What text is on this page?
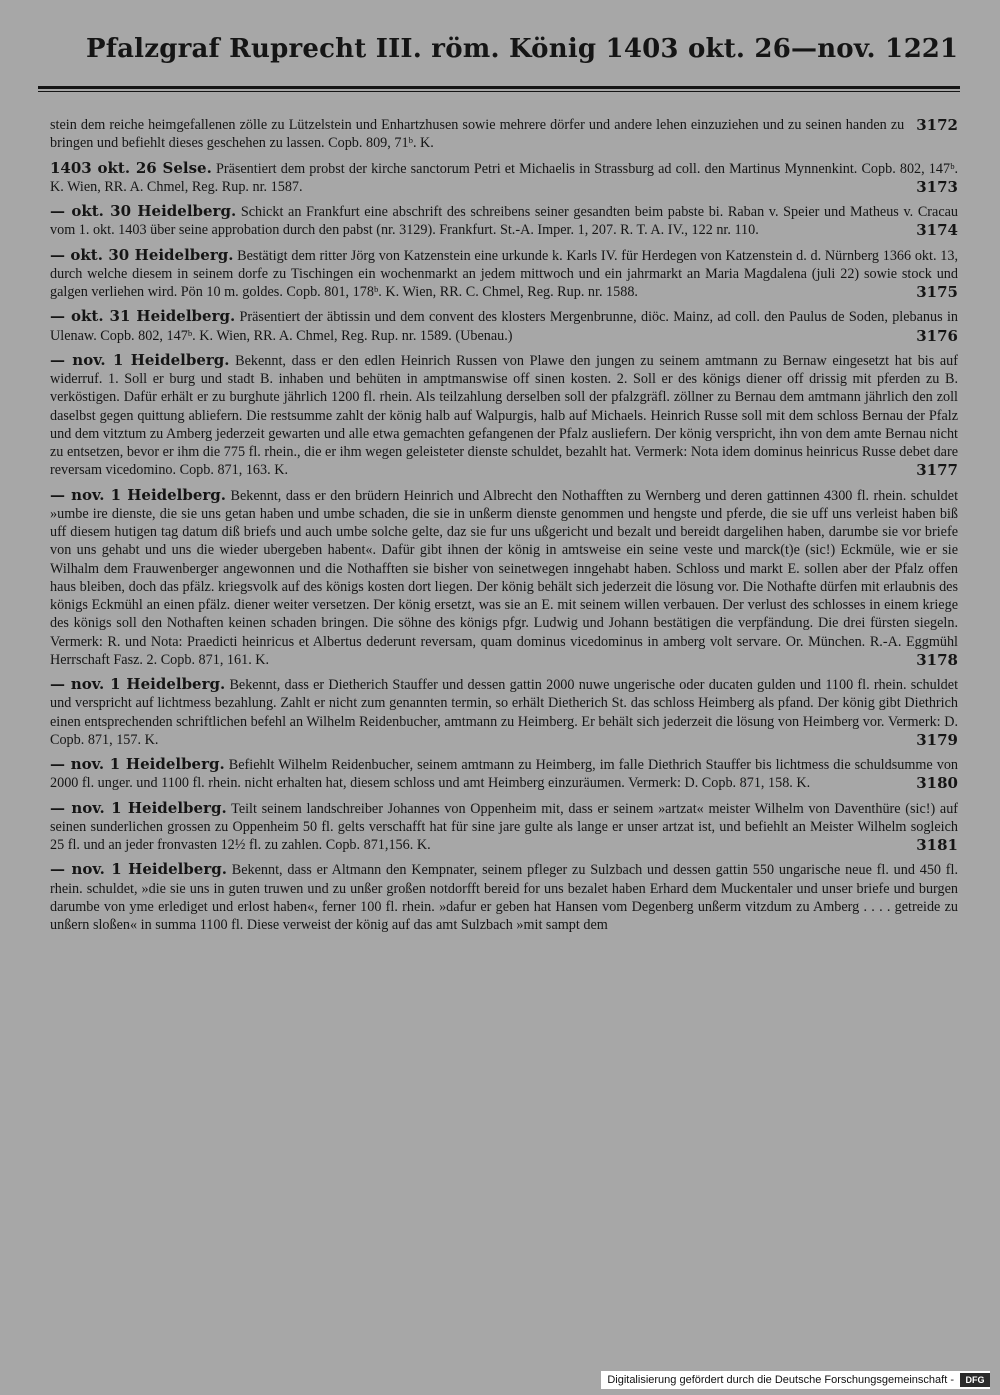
Pfalzgraf Ruprecht III. röm. König 1403 okt. 26—nov. 1.
221

3172
stein dem reiche heimgefallenen zölle zu Lützelstein und Enhartzhusen sowie mehrere dörfer und andere lehen einzuziehen und zu seinen handen zu bringen und befiehlt dieses geschehen zu lassen. Copb. 809, 71ᵇ. K.

1403 okt. 26 Selse. Präsentiert dem probst der kirche sanctorum Petri et Michaelis in Strassburg ad coll. den Martinus Mynnenkint. Copb. 802, 147ᵇ. K. Wien, RR. A. Chmel, Reg. Rup. nr. 1587.	3173

— okt. 30 Heidelberg. Schickt an Frankfurt eine abschrift des schreibens seiner gesandten beim pabste bi. Raban v. Speier und Matheus v. Cracau vom 1. okt. 1403 über seine approbation durch den pabst (nr. 3129). Frankfurt. St.-A. Imper. 1, 207. R. T. A. IV., 122 nr. 110.	3174

— okt. 30 Heidelberg. Bestätigt dem ritter Jörg von Katzenstein eine urkunde k. Karls IV. für Herdegen von Katzenstein d. d. Nürnberg 1366 okt. 13, durch welche diesem in seinem dorfe zu Tischingen ein wochenmarkt an jedem mittwoch und ein jahrmarkt an Maria Magdalena (juli 22) sowie stock und galgen verliehen wird. Pön 10 m. goldes. Copb. 801, 178ᵇ. K. Wien, RR. C. Chmel, Reg. Rup. nr. 1588.	3175

— okt. 31 Heidelberg. Präsentiert der äbtissin und dem convent des klosters Mergenbrunne, diöc. Mainz, ad coll. den Paulus de Soden, plebanus in Ulenaw. Copb. 802, 147ᵇ. K. Wien, RR. A. Chmel, Reg. Rup. nr. 1589. (Ubenau.)	3176

— nov. 1 Heidelberg. Bekennt, dass er den edlen Heinrich Russen von Plawe den jungen zu seinem amtmann zu Bernaw eingesetzt hat bis auf widerruf. 1. Soll er burg und stadt B. inhaben und behüten in amptmanswise off sinen kosten. 2. Soll er des königs diener off drissig mit pferden zu B. verköstigen. Dafür erhält er zu burghute jährlich 1200 fl. rhein. Als teilzahlung derselben soll der pfalzgräfl. zöllner zu Bernau dem amtmann jährlich den zoll daselbst gegen quittung abliefern. Die restsumme zahlt der könig halb auf Walpurgis, halb auf Michaels. Heinrich Russe soll mit dem schloss Bernau der Pfalz und dem vitztum zu Amberg jederzeit gewarten und alle etwa gemachten gefangenen der Pfalz ausliefern. Der könig verspricht, ihn von dem amte Bernau nicht zu entsetzen, bevor er ihm die 775 fl. rhein., die er ihm wegen geleisteter dienste schuldet, bezahlt hat. Vermerk: Nota idem dominus heinricus Russe debet dare reversam vicedomino. Copb. 871, 163. K.	3177

— nov. 1 Heidelberg. Bekennt, dass er den brüdern Heinrich und Albrecht den Nothafften zu Wernberg und deren gattinnen 4300 fl. rhein. schuldet »umbe ire dienste, die sie uns getan haben und umbe schaden, die sie in unßerm dienste genommen und hengste und pferde, die sie uff uns verleist haben biß uff diesem hutigen tag datum diß briefs und auch umbe solche gelte, daz sie fur uns ußgericht und bezalt und bereidt dargelihen haben, darumbe sie vor briefe von uns gehabt und uns die wieder ubergeben habent«. Dafür gibt ihnen der könig in amtsweise ein seine veste und marck(t)e (sic!) Eckmüle, wie er sie Wilhalm dem Frauwenberger angewonnen und die Nothafften sie bisher von seinetwegen inngehabt haben. Schloss und markt E. sollen aber der Pfalz offen haus bleiben, doch das pfälz. kriegsvolk auf des königs kosten dort liegen. Der könig behält sich jederzeit die lösung vor. Die Nothafte dürfen mit erlaubnis des königs Eckmühl an einen pfälz. diener weiter versetzen. Der könig ersetzt, was sie an E. mit seinem willen verbauen. Der verlust des schlosses in einem kriege des königs soll den Nothaften keinen schaden bringen. Die söhne des königs pfgr. Ludwig und Johann bestätigen die verpfändung. Die drei fürsten siegeln. Vermerk: R. und Nota: Praedicti heinricus et Albertus dederunt reversam, quam dominus vicedominus in amberg volt servare. Or. München. R.-A. Eggmühl Herrschaft Fasz. 2. Copb. 871, 161. K.	3178

— nov. 1 Heidelberg. Bekennt, dass er Dietherich Stauffer und dessen gattin 2000 nuwe ungerische oder ducaten gulden und 1100 fl. rhein. schuldet und verspricht auf lichtmess bezahlung. Zahlt er nicht zum genannten termin, so erhält Dietherich St. das schloss Heimberg als pfand. Der könig gibt Diethrich einen entsprechenden schriftlichen befehl an Wilhelm Reidenbucher, amtmann zu Heimberg. Er behält sich jederzeit die lösung von Heimberg vor. Vermerk: D. Copb. 871, 157. K.	3179

— nov. 1 Heidelberg. Befiehlt Wilhelm Reidenbucher, seinem amtmann zu Heimberg, im falle Diethrich Stauffer bis lichtmess die schuldsumme von 2000 fl. unger. und 1100 fl. rhein. nicht erhalten hat, diesem schloss und amt Heimberg einzuräumen. Vermerk: D. Copb. 871, 158. K.	3180

— nov. 1 Heidelberg. Teilt seinem landschreiber Johannes von Oppenheim mit, dass er seinem »artzat« meister Wilhelm von Daventhüre (sic!) auf seinen sunderlichen grossen zu Oppenheim 50 fl. gelts verschafft hat für sine jare gulte als lange er unser artzat ist, und befiehlt an Meister Wilhelm sogleich 25 fl. und an jeder fronvasten 12½ fl. zu zahlen. Copb. 871,156. K.	3181

— nov. 1 Heidelberg. Bekennt, dass er Altmann den Kempnater, seinem pfleger zu Sulzbach und dessen gattin 550 ungarische neue fl. und 450 fl. rhein. schuldet, »die sie uns in guten truwen und zu unßer großen notdorfft bereid for uns bezalet haben Erhard dem Muckentaler und unser briefe und burgen darumbe von yme erlediget und erlost haben«, ferner 100 fl. rhein. »dafur er geben hat Hansen vom Degenberg unßerm vitzdum zu Amberg . . . . getreide zu unßern sloßen« in summa 1100 fl. Diese verweist der könig auf das amt Sulzbach »mit sampt dem

Digitalisierung gefördert durch die Deutsche Forschungsgemeinschaft -	DFG
